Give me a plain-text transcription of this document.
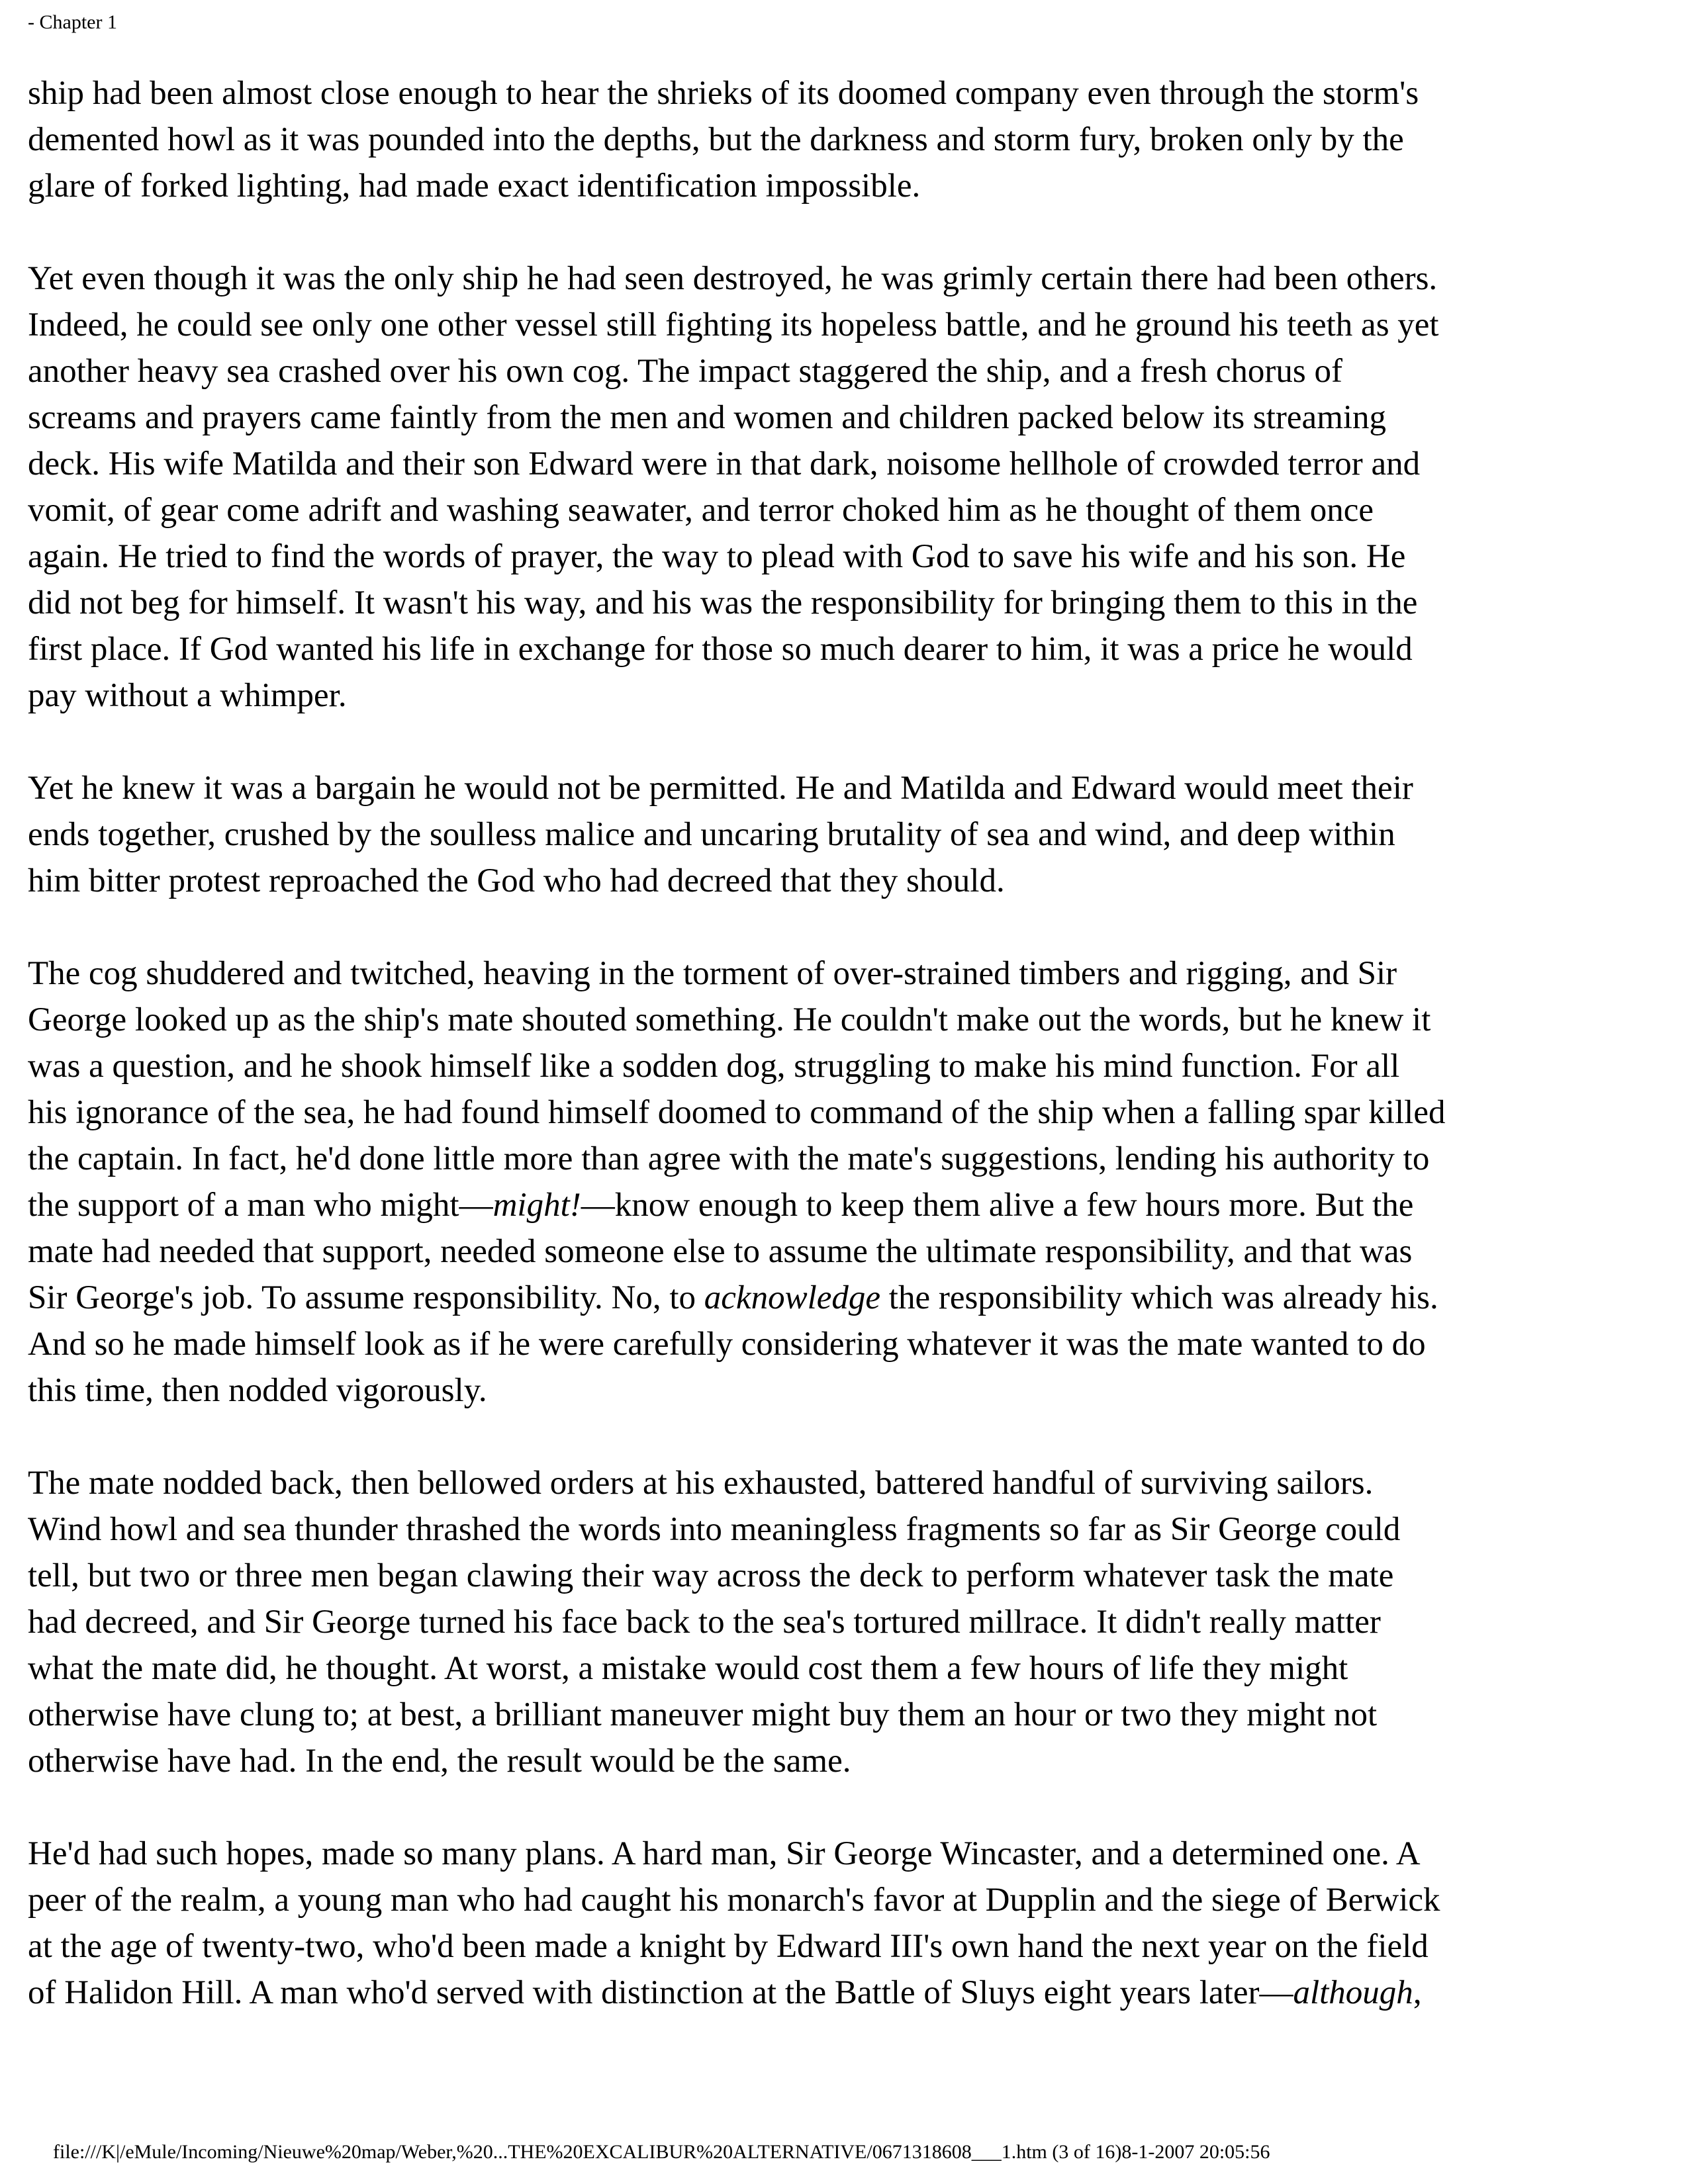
- Chapter 1
ship had been almost close enough to hear the shrieks of its doomed company even through the storm's
demented howl as it was pounded into the depths, but the darkness and storm fury, broken only by the
glare of forked lighting, had made exact identification impossible.
Yet even though it was the only ship he had seen destroyed, he was grimly certain there had been others.
Indeed, he could see only one other vessel still fighting its hopeless battle, and he ground his teeth as yet
another heavy sea crashed over his own cog. The impact staggered the ship, and a fresh chorus of
screams and prayers came faintly from the men and women and children packed below its streaming
deck. His wife Matilda and their son Edward were in that dark, noisome hellhole of crowded terror and
vomit, of gear come adrift and washing seawater, and terror choked him as he thought of them once
again. He tried to find the words of prayer, the way to plead with God to save his wife and his son. He
did not beg for himself. It wasn't his way, and his was the responsibility for bringing them to this in the
first place. If God wanted his life in exchange for those so much dearer to him, it was a price he would
pay without a whimper.
Yet he knew it was a bargain he would not be permitted. He and Matilda and Edward would meet their
ends together, crushed by the soulless malice and uncaring brutality of sea and wind, and deep within
him bitter protest reproached the God who had decreed that they should.
The cog shuddered and twitched, heaving in the torment of over-strained timbers and rigging, and Sir
George looked up as the ship's mate shouted something. He couldn't make out the words, but he knew it
was a question, and he shook himself like a sodden dog, struggling to make his mind function. For all
his ignorance of the sea, he had found himself doomed to command of the ship when a falling spar killed
the captain. In fact, he'd done little more than agree with the mate's suggestions, lending his authority to
the support of a man who might—might!—know enough to keep them alive a few hours more. But the
mate had needed that support, needed someone else to assume the ultimate responsibility, and that was
Sir George's job. To assume responsibility. No, to acknowledge the responsibility which was already his.
And so he made himself look as if he were carefully considering whatever it was the mate wanted to do
this time, then nodded vigorously.
The mate nodded back, then bellowed orders at his exhausted, battered handful of surviving sailors.
Wind howl and sea thunder thrashed the words into meaningless fragments so far as Sir George could
tell, but two or three men began clawing their way across the deck to perform whatever task the mate
had decreed, and Sir George turned his face back to the sea's tortured millrace. It didn't really matter
what the mate did, he thought. At worst, a mistake would cost them a few hours of life they might
otherwise have clung to; at best, a brilliant maneuver might buy them an hour or two they might not
otherwise have had. In the end, the result would be the same.
He'd had such hopes, made so many plans. A hard man, Sir George Wincaster, and a determined one. A
peer of the realm, a young man who had caught his monarch's favor at Dupplin and the siege of Berwick
at the age of twenty-two, who'd been made a knight by Edward III's own hand the next year on the field
of Halidon Hill. A man who'd served with distinction at the Battle of Sluys eight years later—although,
file:///K|/eMule/Incoming/Nieuwe%20map/Weber,%20...THE%20EXCALIBUR%20ALTERNATIVE/0671318608___1.htm (3 of 16)8-1-2007 20:05:56
